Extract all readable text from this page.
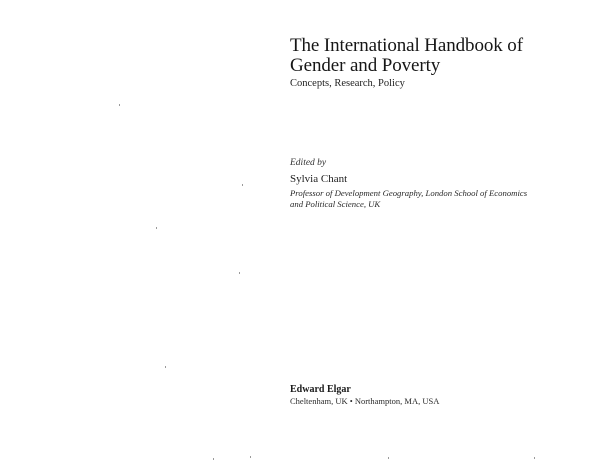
The International Handbook of
Gender and Poverty
Concepts, Research, Policy
Edited by
Sylvia Chant
Professor of Development Geography, London School of Economics
and Political Science, UK
Edward Elgar
Cheltenham, UK • Northampton, MA, USA
